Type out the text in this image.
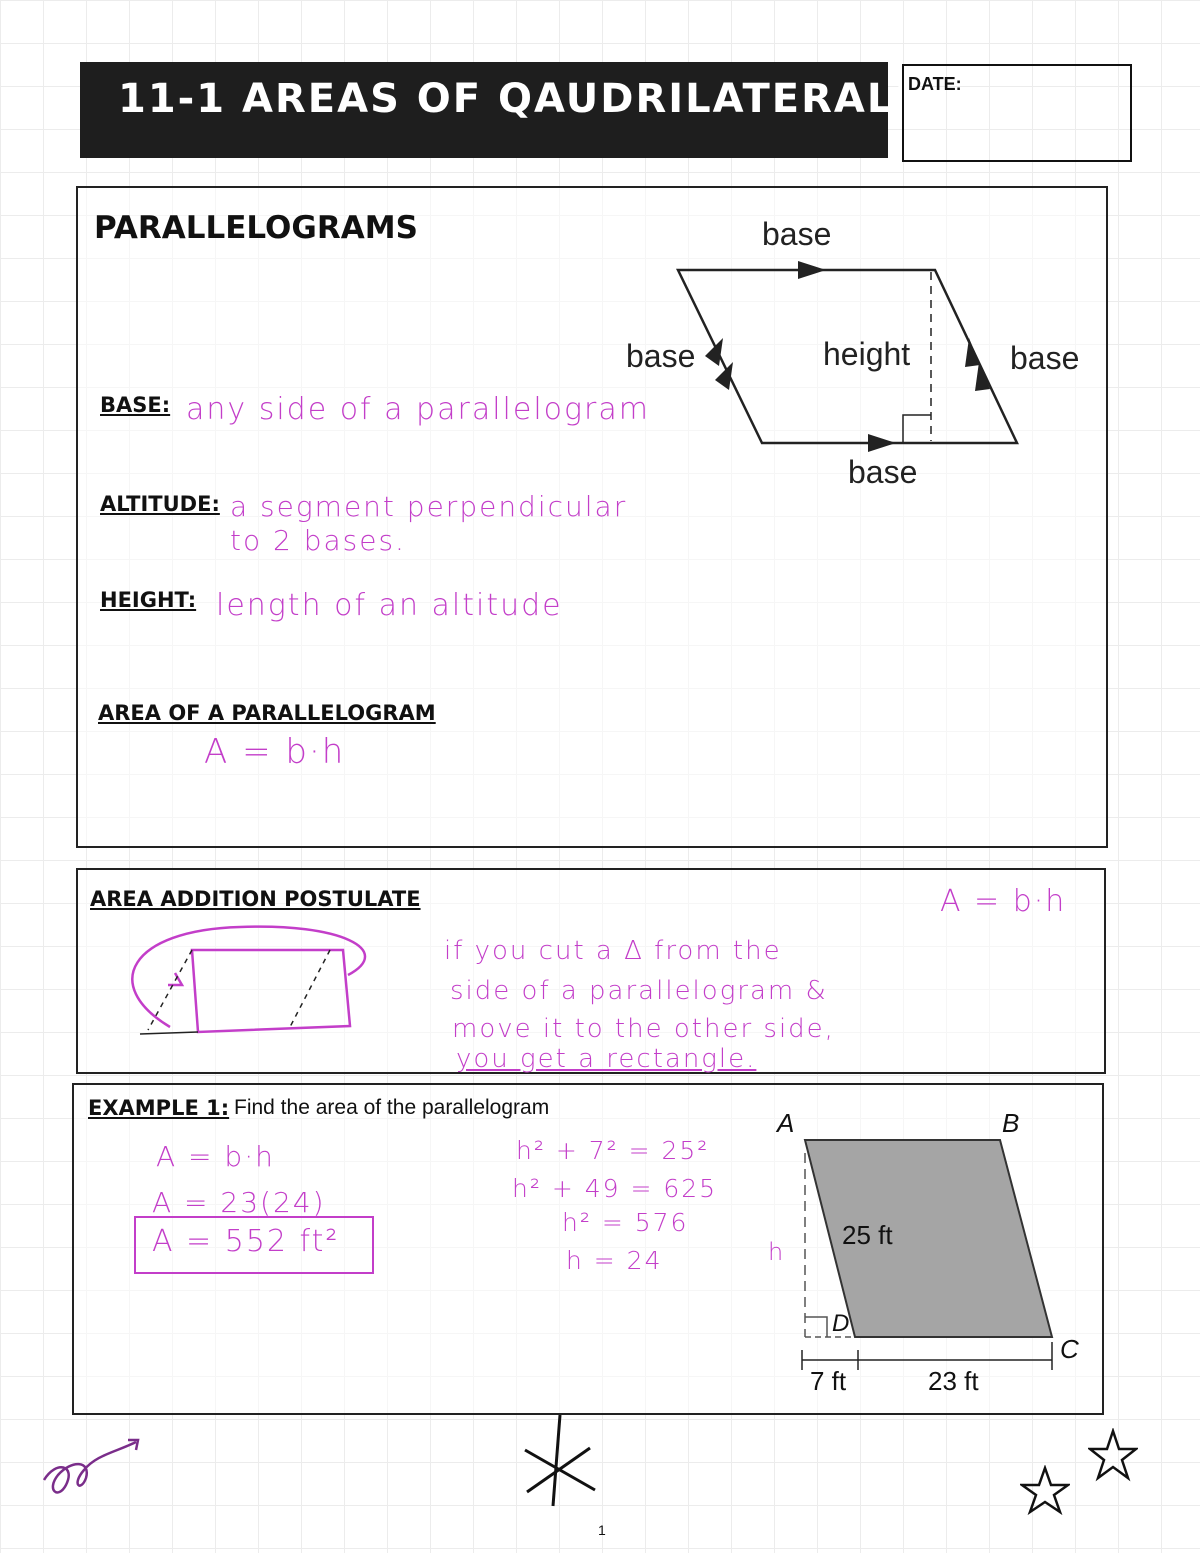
11-1 AREAS OF QAUDRILATERALS
DATE:
PARALLELOGRAMS	base
base	height	base
base
BASE: any side of a parallelogram
ALTITUDE: a segment perpendicular
to 2 bases.
HEIGHT: length of an altitude
AREA OF A PARALLELOGRAM
A = b·h
AREA ADDITION POSTULATE	A = b·h
if you cut a Δ from the
side of a parallelogram &
move it to the other side,
you get a rectangle.
EXAMPLE 1: Find the area of the parallelogram
A = b·h
A = 23(24)
A = 552 ft²
h² + 7² = 25²
h² + 49 = 625
h² = 576
h = 24
A	B
C
D
25 ft
h
7 ft	23 ft
1
